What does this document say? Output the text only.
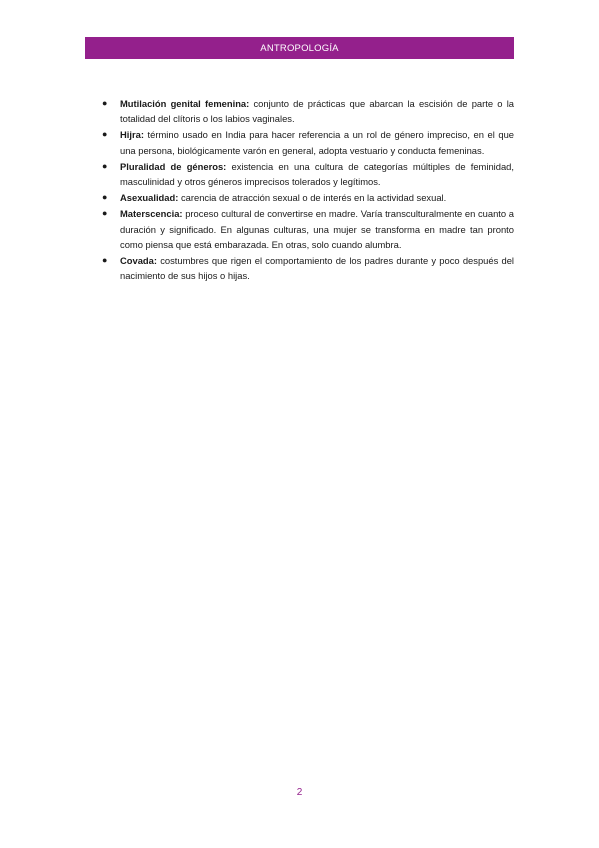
ANTROPOLOGÍA
●	Mutilación genital femenina: conjunto de prácticas que abarcan la escisión de parte o la totalidad del clítoris o los labios vaginales.
●	Hijra: término usado en India para hacer referencia a un rol de género impreciso, en el que una persona, biológicamente varón en general, adopta vestuario y conducta femeninas.
●	Pluralidad de géneros: existencia en una cultura de categorías múltiples de feminidad, masculinidad y otros géneros imprecisos tolerados y legítimos.
●	Asexualidad: carencia de atracción sexual o de interés en la actividad sexual.
●	Materscencia: proceso cultural de convertirse en madre. Varía transculturalmente en cuanto a duración y significado. En algunas culturas, una mujer se transforma en madre tan pronto como piensa que está embarazada. En otras, solo cuando alumbra.
●	Covada: costumbres que rigen el comportamiento de los padres durante y poco después del nacimiento de sus hijos o hijas.
2
